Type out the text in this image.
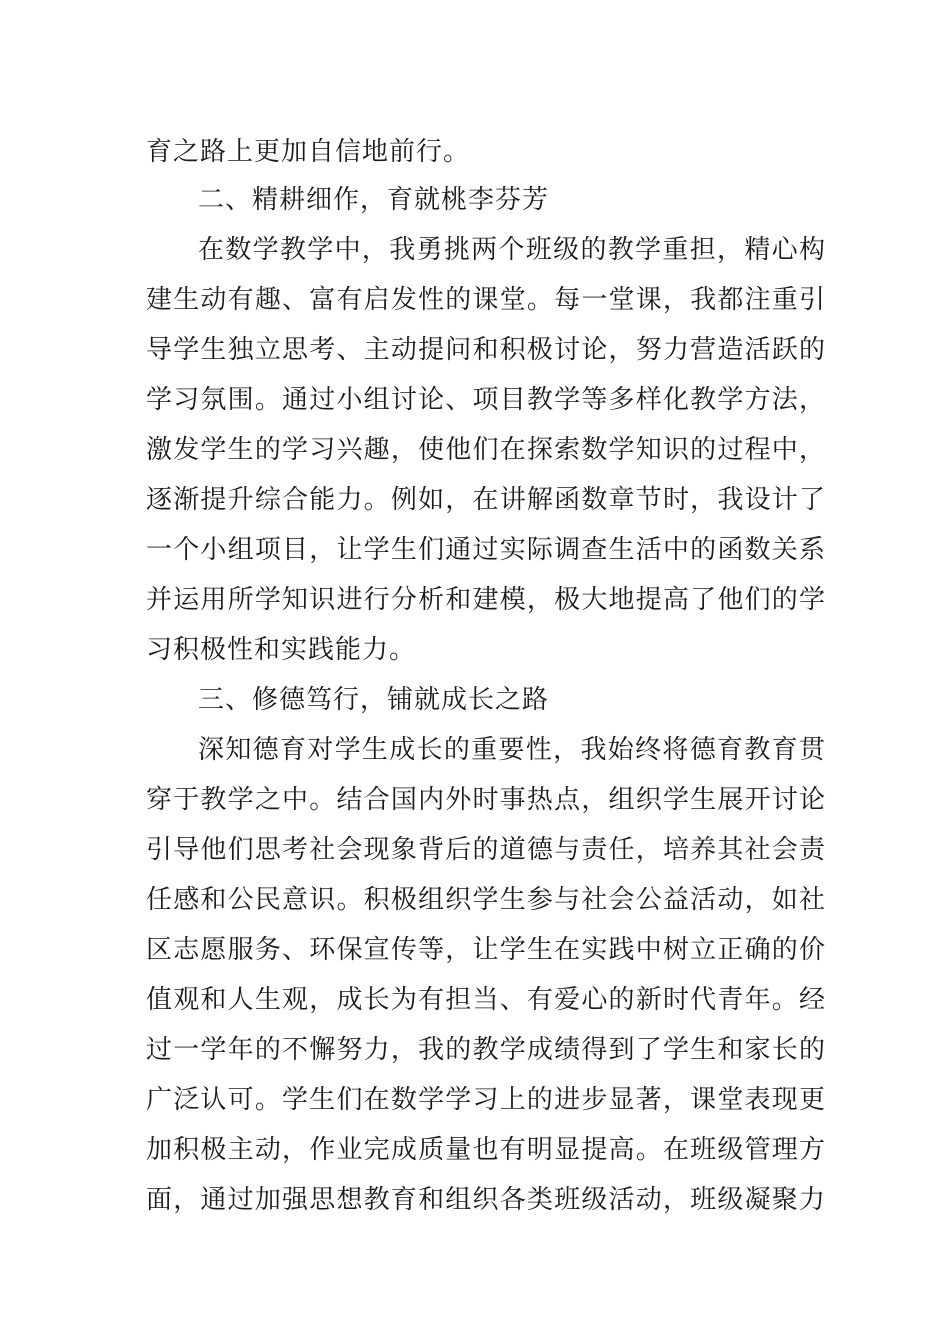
育之路上更加自信地前行。
二、精耕细作，育就桃李芬芳
在数学教学中，我勇挑两个班级的教学重担，精心构
建生动有趣、富有启发性的课堂。每一堂课，我都注重引
导学生独立思考、主动提问和积极讨论，努力营造活跃的
学习氛围。通过小组讨论、项目教学等多样化教学方法，
激发学生的学习兴趣，使他们在探索数学知识的过程中，
逐渐提升综合能力。例如，在讲解函数章节时，我设计了
一个小组项目，让学生们通过实际调查生活中的函数关系
并运用所学知识进行分析和建模，极大地提高了他们的学
习积极性和实践能力。
三、修德笃行，铺就成长之路
深知德育对学生成长的重要性，我始终将德育教育贯
穿于教学之中。结合国内外时事热点，组织学生展开讨论
引导他们思考社会现象背后的道德与责任，培养其社会责
任感和公民意识。积极组织学生参与社会公益活动，如社
区志愿服务、环保宣传等，让学生在实践中树立正确的价
值观和人生观，成长为有担当、有爱心的新时代青年。经
过一学年的不懈努力，我的教学成绩得到了学生和家长的
广泛认可。学生们在数学学习上的进步显著，课堂表现更
加积极主动，作业完成质量也有明显提高。在班级管理方
面，通过加强思想教育和组织各类班级活动，班级凝聚力
